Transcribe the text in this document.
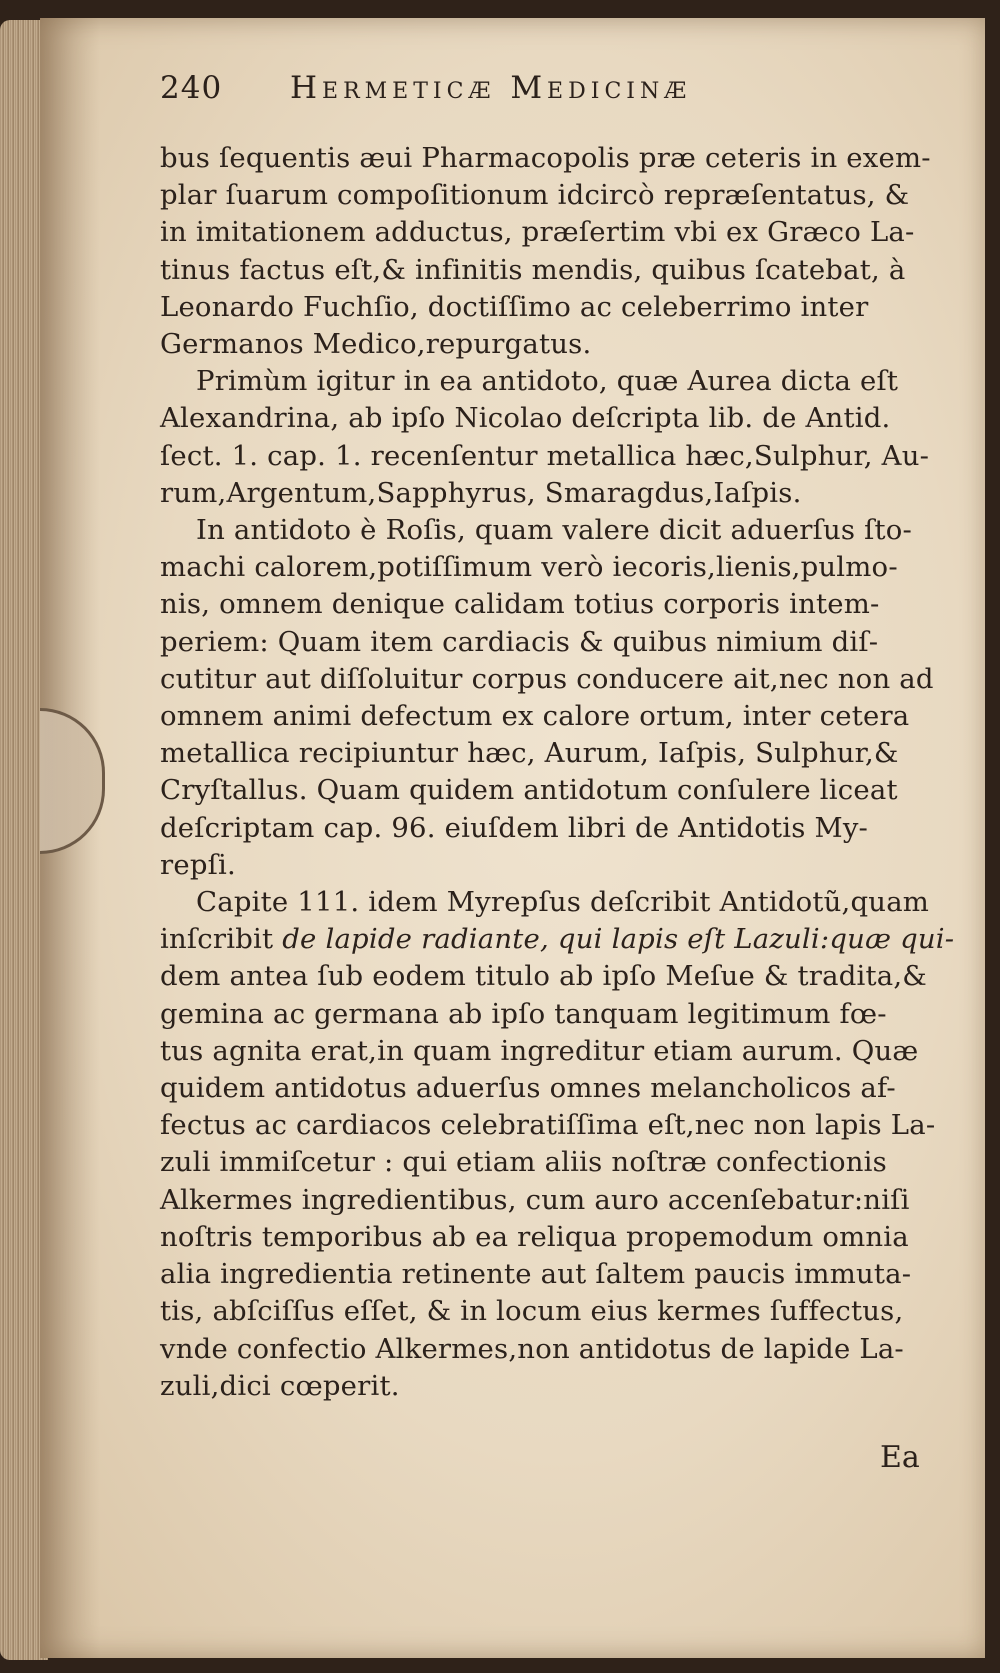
240	Hermeticæ Medicinæ
bus ſequentis æui Pharmacopolis præ ceteris in exem-
plar ſuarum compoſitionum idcircò repræſentatus, &
in imitationem adductus, præſertim vbi ex Græco La-
tinus factus eſt,& infinitis mendis, quibus ſcatebat, à
Leonardo Fuchſio, doctiſſimo ac celeberrimo inter
Germanos Medico,repurgatus.
Primùm igitur in ea antidoto, quæ Aurea dicta eſt
Alexandrina, ab ipſo Nicolao deſcripta lib. de Antid.
ſect. 1. cap. 1. recenſentur metallica hæc,Sulphur, Au-
rum,Argentum,Sapphyrus, Smaragdus,Iaſpis.
In antidoto è Roſis, quam valere dicit aduerſus ſto-
machi calorem,potiſſimum verò iecoris,lienis,pulmo-
nis, omnem denique calidam totius corporis intem-
periem: Quam item cardiacis & quibus nimium diſ-
cutitur aut diſſoluitur corpus conducere ait,nec non ad
omnem animi defectum ex calore ortum, inter cetera
metallica recipiuntur hæc, Aurum, Iaſpis, Sulphur,&
Cryſtallus. Quam quidem antidotum conſulere liceat
deſcriptam cap. 96. eiuſdem libri de Antidotis My-
repſi.
Capite 111. idem Myrepſus deſcribit Antidotũ,quam
inſcribit de lapide radiante, qui lapis eſt Lazuli:quæ qui-
dem antea ſub eodem titulo ab ipſo Meſue & tradita,&
gemina ac germana ab ipſo tanquam legitimum fœ-
tus agnita erat,in quam ingreditur etiam aurum. Quæ
quidem antidotus aduerſus omnes melancholicos af-
fectus ac cardiacos celebratiſſima eſt,nec non lapis La-
zuli immiſcetur : qui etiam aliis noſtræ confectionis
Alkermes ingredientibus, cum auro accenſebatur:niſi
noſtris temporibus ab ea reliqua propemodum omnia
alia ingredientia retinente aut ſaltem paucis immuta-
tis, abſciſſus eſſet, & in locum eius kermes ſuffectus,
vnde confectio Alkermes,non antidotus de lapide La-
zuli,dici cœperit.
Ea
